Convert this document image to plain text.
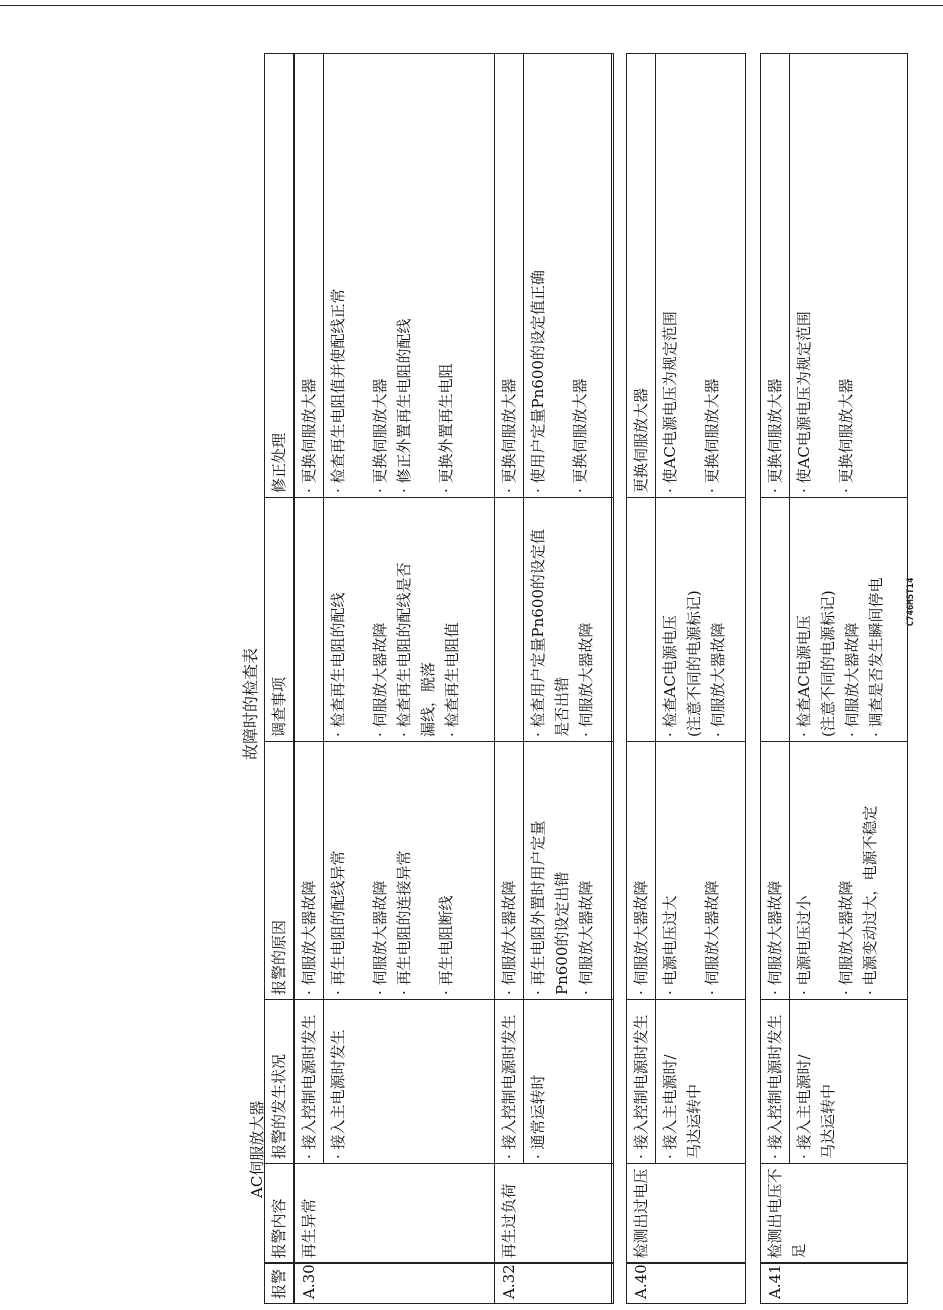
C746M5T14
故障时的检查表
AC伺服放大器
报警	报警内容	报警的发生状况	报警的原因	调查事项	修正处理
A.30	再生异常	· 接入控制电源时发生	· 伺服放大器故障		· 更换伺服放大器

		· 接入主电源时发生	· 再生电阻的配线异常 · 伺服放大器故障 · 再生电阻的连接异常 · 再生电阻断线	· 检查再生电阻的配线 · 伺服放大器故障 · 检查再生电阻的配线是否 漏线，脱落 · 检查再生电阻值	· 检查再生电阻值并使配线正常 · 更换伺服放大器 · 修正外置再生电阻的配线 · 更换外置再生电阻
A.32	再生过负荷	· 接入控制电源时发生	· 伺服放大器故障		· 更换伺服放大器

		· 通常运转时	· 再生电阻外置时用户定量 Pn600的设定出错 · 伺服放大器故障	· 检查用户定量Pn600的设定值 是否出错 · 伺服放大器故障	· 使用户定量Pn600的设定值正确 · 更换伺服放大器
A.40	检测出过电压	· 接入控制电源时发生	· 伺服放大器故障		更换伺服放大器

		· 接入主电源时/ 马达运转中	· 电源电压过大 · 伺服放大器故障	· 检查AC电源电压 (注意不同的电源标记) · 伺服放大器故障	· 使AC电源电压为规定范围 · 更换伺服放大器
A.41	检测出电压不足	· 接入控制电源时发生	· 伺服放大器故障		· 更换伺服放大器

		· 接入主电源时/ 马达运转中	· 电源电压过小 · 伺服放大器故障 · 电源变动过大，电源不稳定	· 检查AC电源电压 (注意不同的电源标记) · 伺服放大器故障 · 调查是否发生瞬间停电	· 使AC电源电压为规定范围 · 更换伺服放大器
